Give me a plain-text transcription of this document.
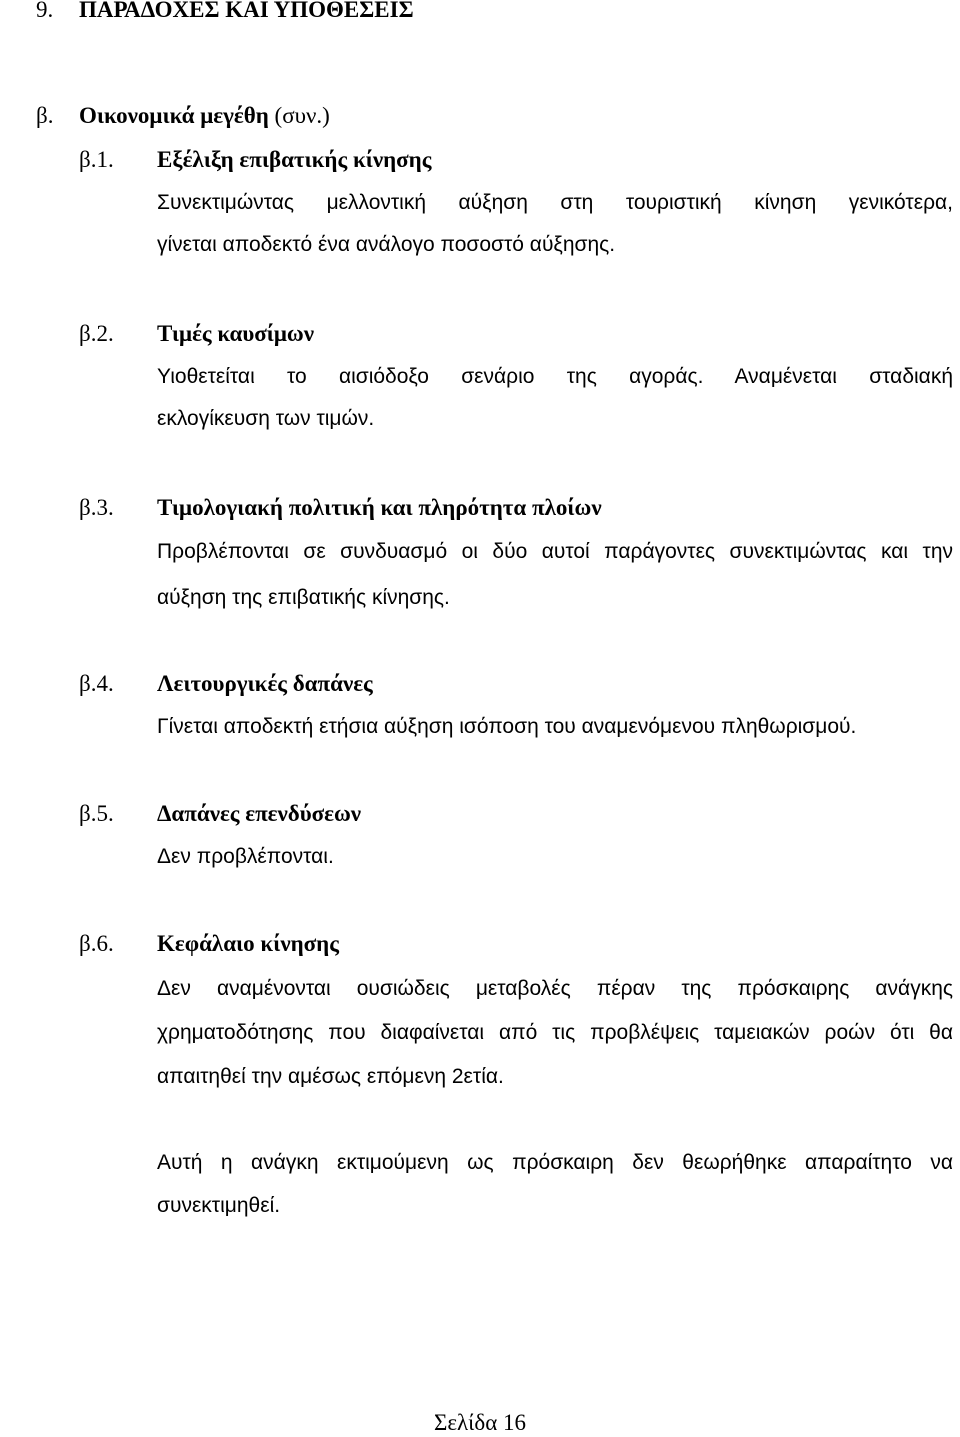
9. ΠΑΡΑΔΟΧΕΣ ΚΑΙ ΥΠΟΘΕΣΕΙΣ
β. Οικονομικά μεγέθη (συν.)
β.1. Εξέλιξη επιβατικής κίνησης
Συνεκτιμώντας μελλοντική αύξηση στη τουριστική κίνηση γενικότερα,
γίνεται αποδεκτό ένα ανάλογο ποσοστό αύξησης.
β.2. Τιμές καυσίμων
Υιοθετείται το αισιόδοξο σενάριο της αγοράς. Αναμένεται σταδιακή
εκλογίκευση των τιμών.
β.3. Τιμολογιακή πολιτική και πληρότητα πλοίων
Προβλέπονται σε συνδυασμό οι δύο αυτοί παράγοντες συνεκτιμώντας και την
αύξηση της επιβατικής κίνησης.
β.4. Λειτουργικές δαπάνες
Γίνεται αποδεκτή ετήσια αύξηση ισόποση του αναμενόμενου πληθωρισμού.
β.5. Δαπάνες επενδύσεων
Δεν προβλέπονται.
β.6. Κεφάλαιο κίνησης
Δεν αναμένονται ουσιώδεις μεταβολές πέραν της πρόσκαιρης ανάγκης
χρηματοδότησης που διαφαίνεται από τις προβλέψεις ταμειακών ροών ότι θα
απαιτηθεί την αμέσως επόμενη 2ετία.
Αυτή η ανάγκη εκτιμούμενη ως πρόσκαιρη δεν θεωρήθηκε απαραίτητο να
συνεκτιμηθεί.
Σελίδα 16
